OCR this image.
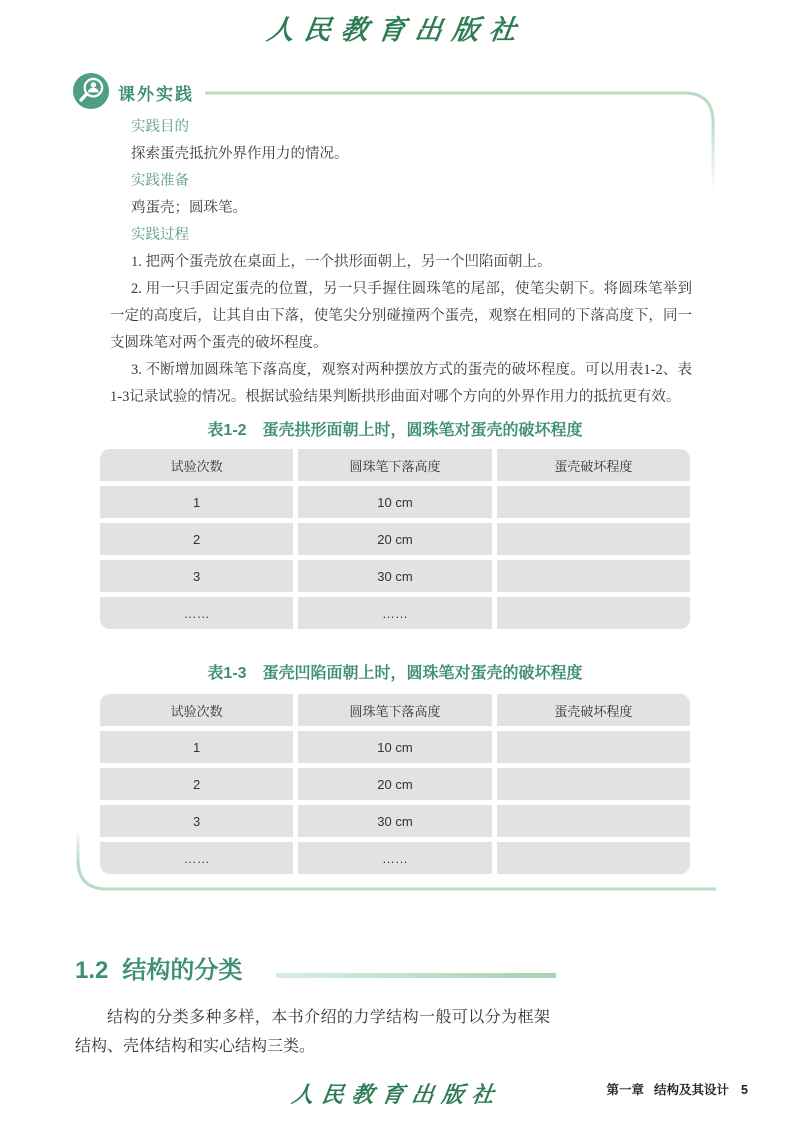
人民教育出版社
课外实践

实践目的

探索蛋壳抵抗外界作用力的情况。

实践准备

鸡蛋壳；圆珠笔。

实践过程

1. 把两个蛋壳放在桌面上，一个拱形面朝上，另一个凹陷面朝上。

2. 用一只手固定蛋壳的位置，另一只手握住圆珠笔的尾部，使笔尖朝下。将圆珠笔举到一定的高度后，让其自由下落，使笔尖分别碰撞两个蛋壳，观察在相同的下落高度下，同一支圆珠笔对两个蛋壳的破坏程度。

3. 不断增加圆珠笔下落高度，观察对两种摆放方式的蛋壳的破坏程度。可以用表1-2、表1-3记录试验的情况。根据试验结果判断拱形曲面对哪个方向的外界作用力的抵抗更有效。

表1-2　蛋壳拱形面朝上时，圆珠笔对蛋壳的破坏程度
试验次数	圆珠笔下落高度	蛋壳破坏程度
1	10 cm
2	20 cm
3	30 cm
……	……
表1-3　蛋壳凹陷面朝上时，圆珠笔对蛋壳的破坏程度
试验次数	圆珠笔下落高度	蛋壳破坏程度
1	10 cm
2	20 cm
3	30 cm
……	……
1.2 结构的分类

结构的分类多种多样，本书介绍的力学结构一般可以分为框架结构、壳体结构和实心结构三类。

人民教育出版社	第一章 结构及其设计 5
